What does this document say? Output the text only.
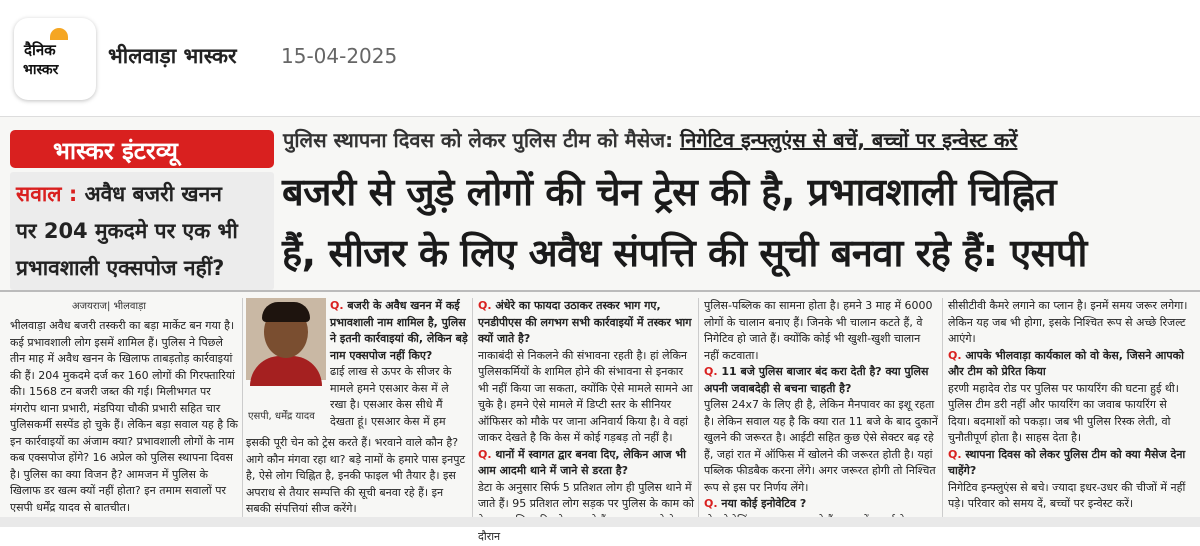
दैनिक
भास्कर
भीलवाड़ा भास्कर 15-04-2025
भास्कर इंटरव्यू
सवाल : अवैध बजरी खनन
पर 204 मुकदमे पर एक भी
प्रभावशाली एक्सपोज नहीं?
पुलिस स्थापना दिवस को लेकर पुलिस टीम को मैसेज: निगेटिव इन्फ्लुएंस से बचें, बच्चों पर इन्वेस्ट करें
बजरी से जुड़े लोगों की चेन ट्रेस की है, प्रभावशाली चिह्नित
हैं, सीजर के लिए अवैध संपत्ति की सूची बनवा रहे हैं: एसपी
अजयराज| भीलवाड़ा

भीलवाड़ा अवैध बजरी तस्करी का बड़ा मार्केट बन गया है। कई प्रभावशाली लोग इसमें शामिल हैं। पुलिस ने पिछले तीन माह में अवैध खनन के खिलाफ ताबड़तोड़ कार्रवाइयां की हैं। 204 मुकदमे दर्ज कर 160 लोगों की गिरफ्तारियां की। 1568 टन बजरी जब्त की गई। मिलीभगत पर मंगरोप थाना प्रभारी, मंडपिया चौकी प्रभारी सहित चार पुलिसकर्मी सस्पेंड हो चुके हैं। लेकिन बड़ा सवाल यह है कि इन कार्रवाइयों का अंजाम क्या? प्रभावशाली लोगों के नाम कब एक्सपोज होंगे? 16 अप्रेल को पुलिस स्थापना दिवस है। पुलिस का क्या विजन है? आमजन में पुलिस के खिलाफ डर खत्म क्यों नहीं होता? इन तमाम सवालों पर एसपी धर्मेंद्र यादव से बातचीत।

एसपी, धर्मेंद्र यादव

Q. बजरी के अवैध खनन में कई प्रभावशाली नाम शामिल है, पुलिस ने इतनी कार्रवाइयां की, लेकिन बड़े नाम एक्सपोज नहीं किए?

ढाई लाख से ऊपर के सीजर के मामले हमने एसआर केस में ले रखा है। एसआर केस सीधे मैं देखता हूं। एसआर केस में हम

इसकी पूरी चेन को ट्रेस करते हैं। भरवाने वाले कौन है? आगे कौन मंगवा रहा था? बड़े नामों के हमारे पास इनपुट है, ऐसे लोग चिह्नित है, इनकी फाइल भी तैयार है। इस अपराध से तैयार सम्पत्ति की सूची बनवा रहे हैं। इन सबकी संपत्तियां सीज करेंगे।

Q. अंधेरे का फायदा उठाकर तस्कर भाग गए, एनडीपीएस की लगभग सभी कार्रवाइयों में तस्कर भाग क्यों जाते है?

नाकाबंदी से निकलने की संभावना रहती है। हां लेकिन पुलिसकर्मियों के शामिल होने की संभावना से इनकार भी नहीं किया जा सकता, क्योंकि ऐसे मामले सामने आ चुके है। हमने ऐसे मामले में डिप्टी स्तर के सीनियर ऑफिसर को मौके पर जाना अनिवार्य किया है। वे वहां जाकर देखते है कि केस में कोई गड़बड़ तो नहीं है।

Q. थानों में स्वागत द्वार बनवा दिए, लेकिन आज भी आम आदमी थाने में जाने से डरता है?

डेटा के अनुसार सिर्फ 5 प्रतिशत लोग ही पुलिस थाने में जाते हैं। 95 प्रतिशत लोग सड़क पर पुलिस के काम को दौरान

पुलिस-पब्लिक का सामना होता है। हमने 3 माह में 6000 लोगों के चालान बनाए हैं। जिनके भी चालान कटते हैं, वे निगेटिव हो जाते हैं। क्योंकि कोई भी खुशी-खुशी चालान नहीं कटवाता।

Q. 11 बजे पुलिस बाजार बंद करा देती है? क्या पुलिस अपनी जवाबदेही से बचना चाहती है?

पुलिस 24x7 के लिए ही है, लेकिन मैनपावर का इशू रहता है। लेकिन सवाल यह है कि क्या रात 11 बजे के बाद दुकानें खुलने की जरूरत है। आईटी सहित कुछ ऐसे सेक्टर बढ़ रहे हैं, जहां रात में ऑफिस में खोलने की जरूरत होती है। यहां पब्लिक फीडबैक करना लेंगे। अगर जरूरत होगी तो निश्चित रूप से इस पर निर्णय लेंगे।

Q. नया कोई इनोवेटिव ?

सीसीटीवी कैमरे लगाने का प्लान है। इनमें समय जरूर लगेगा। लेकिन यह जब भी होगा, इसके निश्चित रूप से अच्छे रिजल्ट आएंगे।

Q. आपके भीलवाड़ा कार्यकाल को वो केस, जिसने आपको और टीम को प्रेरित किया

हरणी महादेव रोड पर पुलिस पर फायरिंग की घटना हुई थी। पुलिस टीम डरी नहीं और फायरिंग का जवाब फायरिंग से दिया। बदमाशों को पकड़ा। जब भी पुलिस रिस्क लेती, वो चुनौतीपूर्ण होता है। साहस देता है।

Q. स्थापना दिवस को लेकर पुलिस टीम को क्या मैसेज देना चाहेंगे?

निगेटिव इन्फ्लुएंस से बचे। ज्यादा इधर-उधर की चीजों में नहीं पड़े। परिवार को समय दें, बच्चों पर इन्वेस्ट करें।
